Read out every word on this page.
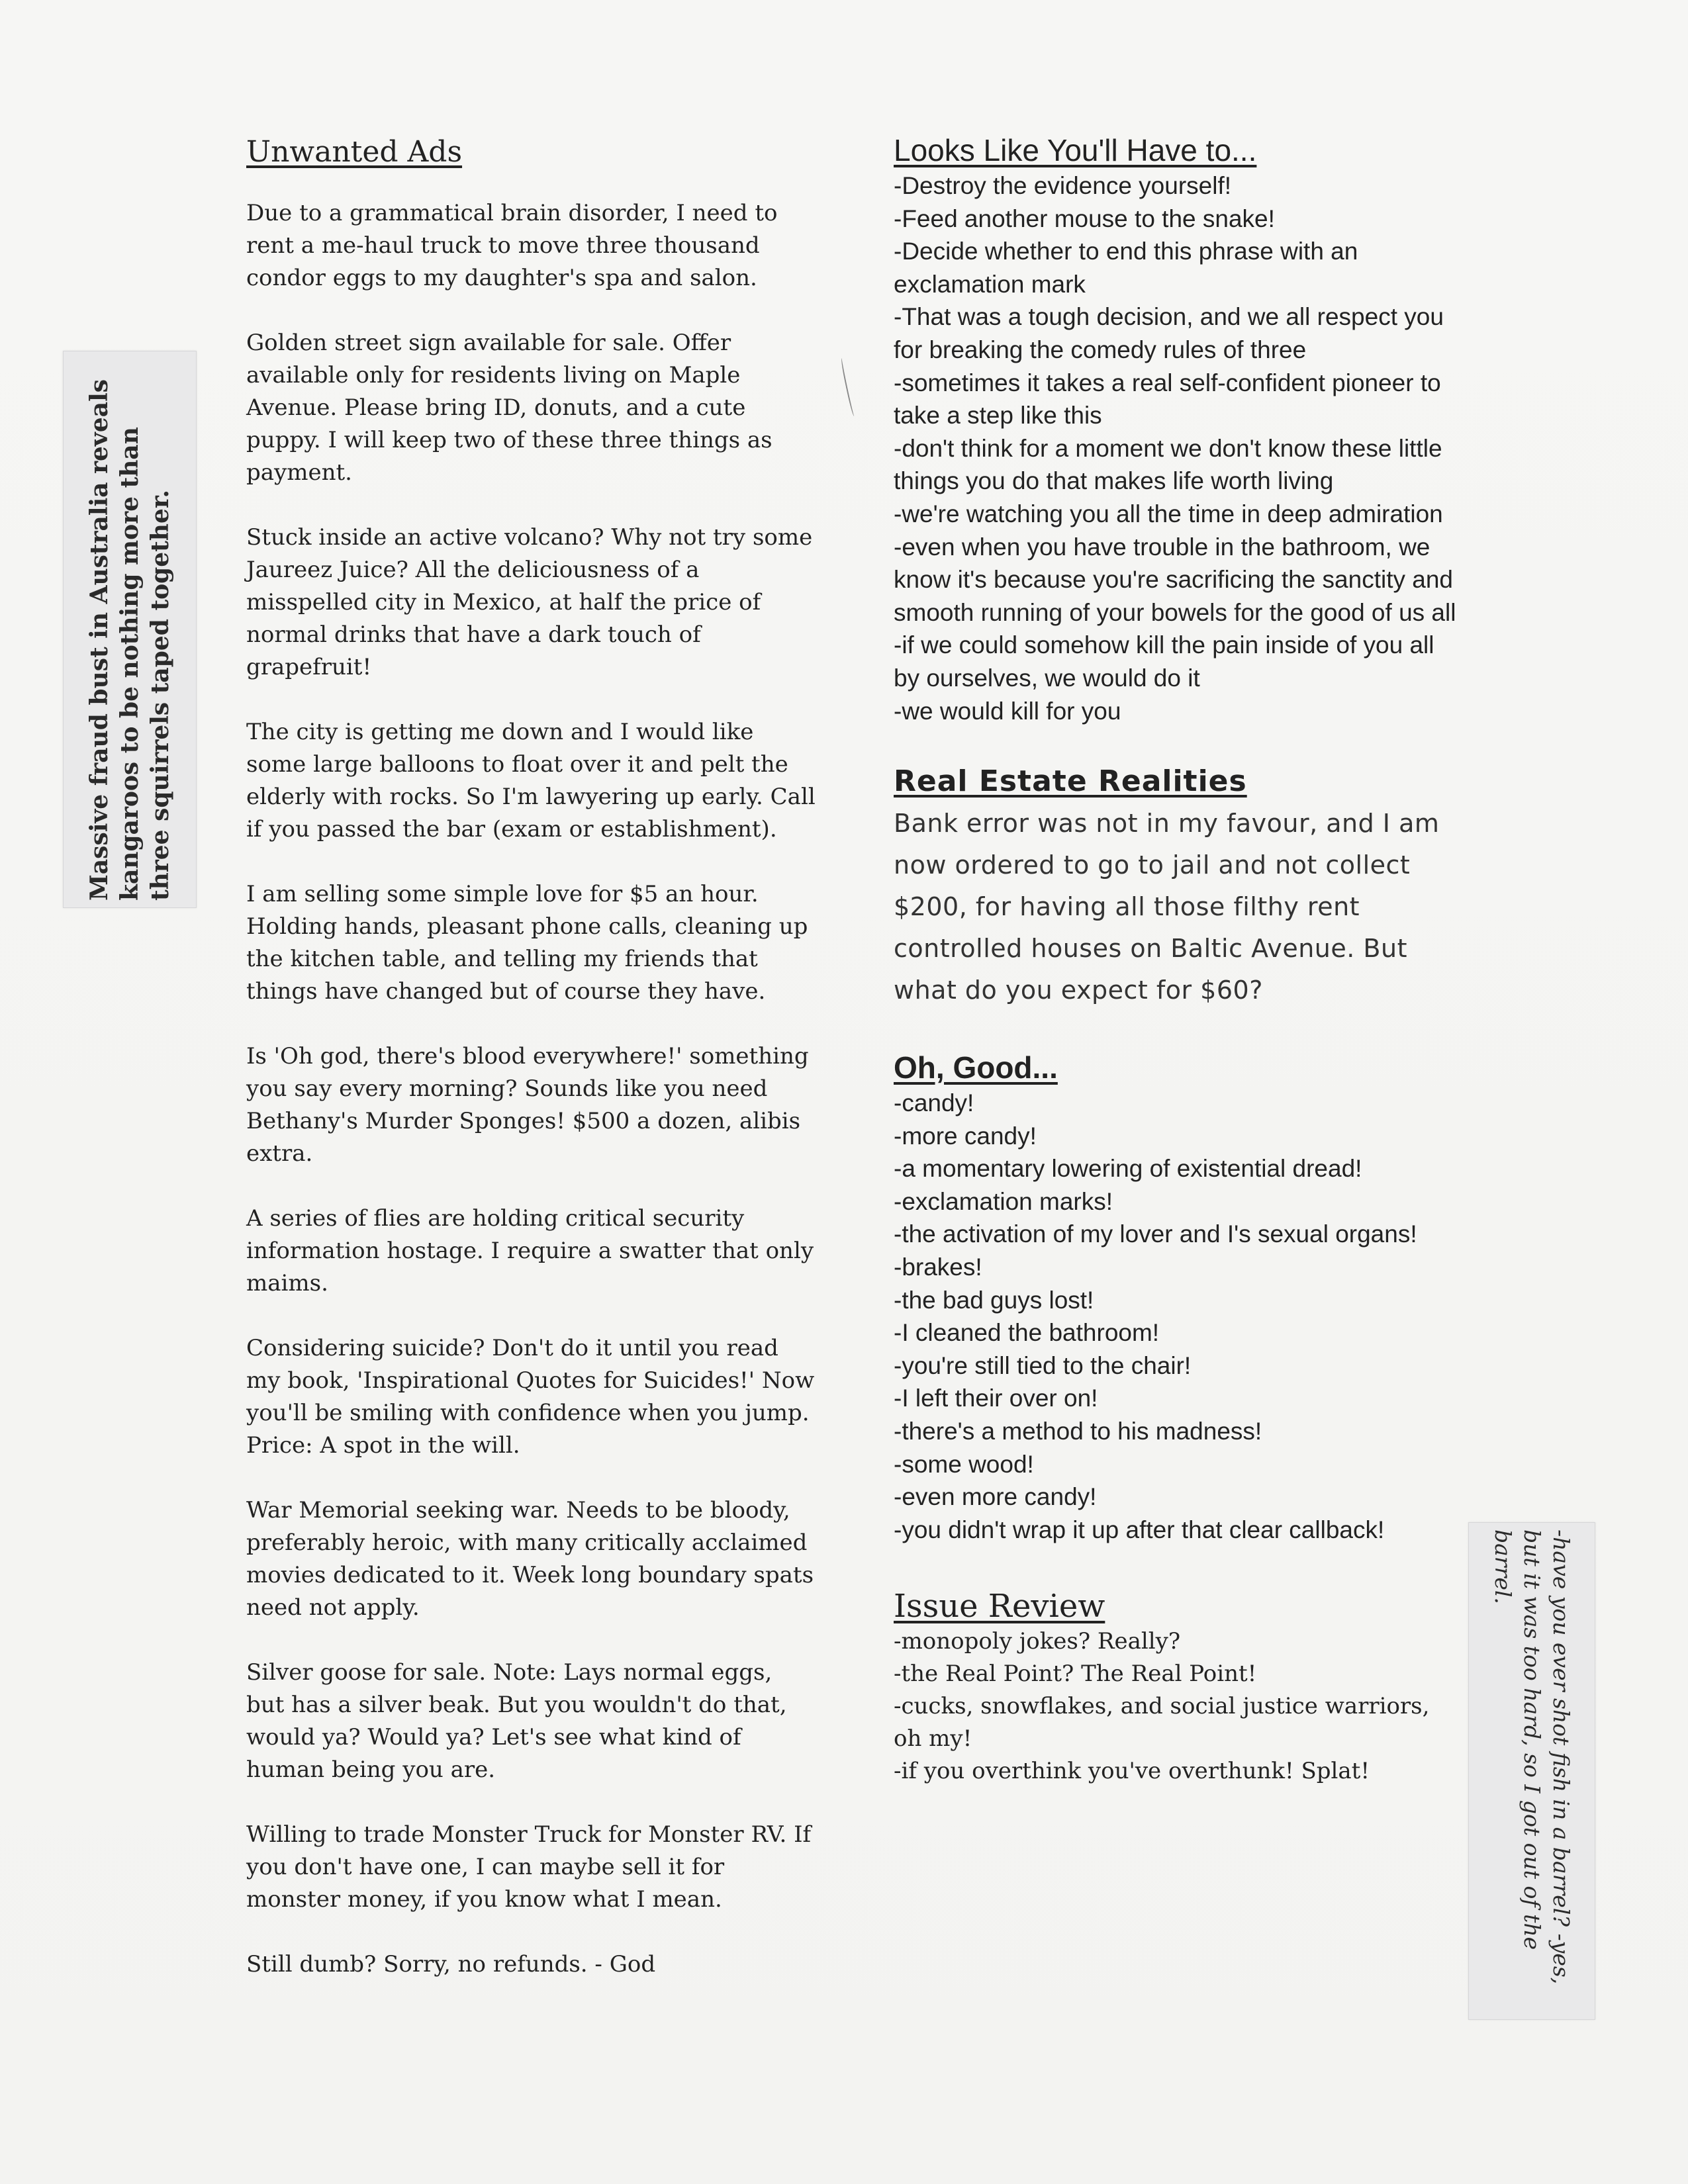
Unwanted Ads

Due to a grammatical brain disorder, I need to rent a me-haul truck to move three thousand condor eggs to my daughter's spa and salon.

Golden street sign available for sale. Offer available only for residents living on Maple Avenue. Please bring ID, donuts, and a cute puppy. I will keep two of these three things as payment.

Stuck inside an active volcano? Why not try some Jaureez Juice? All the deliciousness of a misspelled city in Mexico, at half the price of normal drinks that have a dark touch of grapefruit!

The city is getting me down and I would like some large balloons to float over it and pelt the elderly with rocks. So I'm lawyering up early. Call if you passed the bar (exam or establishment).

I am selling some simple love for $5 an hour. Holding hands, pleasant phone calls, cleaning up the kitchen table, and telling my friends that things have changed but of course they have.

Is 'Oh god, there's blood everywhere!' something you say every morning? Sounds like you need Bethany's Murder Sponges! $500 a dozen, alibis extra.

A series of flies are holding critical security information hostage. I require a swatter that only maims.

Considering suicide? Don't do it until you read my book, 'Inspirational Quotes for Suicides!' Now you'll be smiling with confidence when you jump. Price: A spot in the will.

War Memorial seeking war. Needs to be bloody, preferably heroic, with many critically acclaimed movies dedicated to it. Week long boundary spats need not apply.

Silver goose for sale. Note: Lays normal eggs, but has a silver beak. But you wouldn't do that, would ya? Would ya? Let's see what kind of human being you are.

Willing to trade Monster Truck for Monster RV. If you don't have one, I can maybe sell it for monster money, if you know what I mean.

Still dumb? Sorry, no refunds. - God

Looks Like You'll Have to...
-Destroy the evidence yourself!
-Feed another mouse to the snake!
-Decide whether to end this phrase with an exclamation mark
-That was a tough decision, and we all respect you for breaking the comedy rules of three
-sometimes it takes a real self-confident pioneer to take a step like this
-don't think for a moment we don't know these little things you do that makes life worth living
-we're watching you all the time in deep admiration
-even when you have trouble in the bathroom, we know it's because you're sacrificing the sanctity and smooth running of your bowels for the good of us all
-if we could somehow kill the pain inside of you all by ourselves, we would do it
-we would kill for you
Real Estate Realities

Bank error was not in my favour, and I am now ordered to go to jail and not collect $200, for having all those filthy rent controlled houses on Baltic Avenue. But what do you expect for $60?

Oh, Good...
-candy!
-more candy!
-a momentary lowering of existential dread!
-exclamation marks!
-the activation of my lover and I's sexual organs!
-brakes!
-the bad guys lost!
-I cleaned the bathroom!
-you're still tied to the chair!
-I left their over on!
-there's a method to his madness!
-some wood!
-even more candy!
-you didn't wrap it up after that clear callback!
Issue Review
-monopoly jokes? Really?
-the Real Point? The Real Point!
-cucks, snowflakes, and social justice warriors, oh my!
-if you overthink you've overthunk! Splat!
Massive fraud bust in Australia reveals kangaroos to be nothing more than three squirrels taped together.
-have you ever shot fish in a barrel? -yes, but it was too hard, so I got out of the barrel.
